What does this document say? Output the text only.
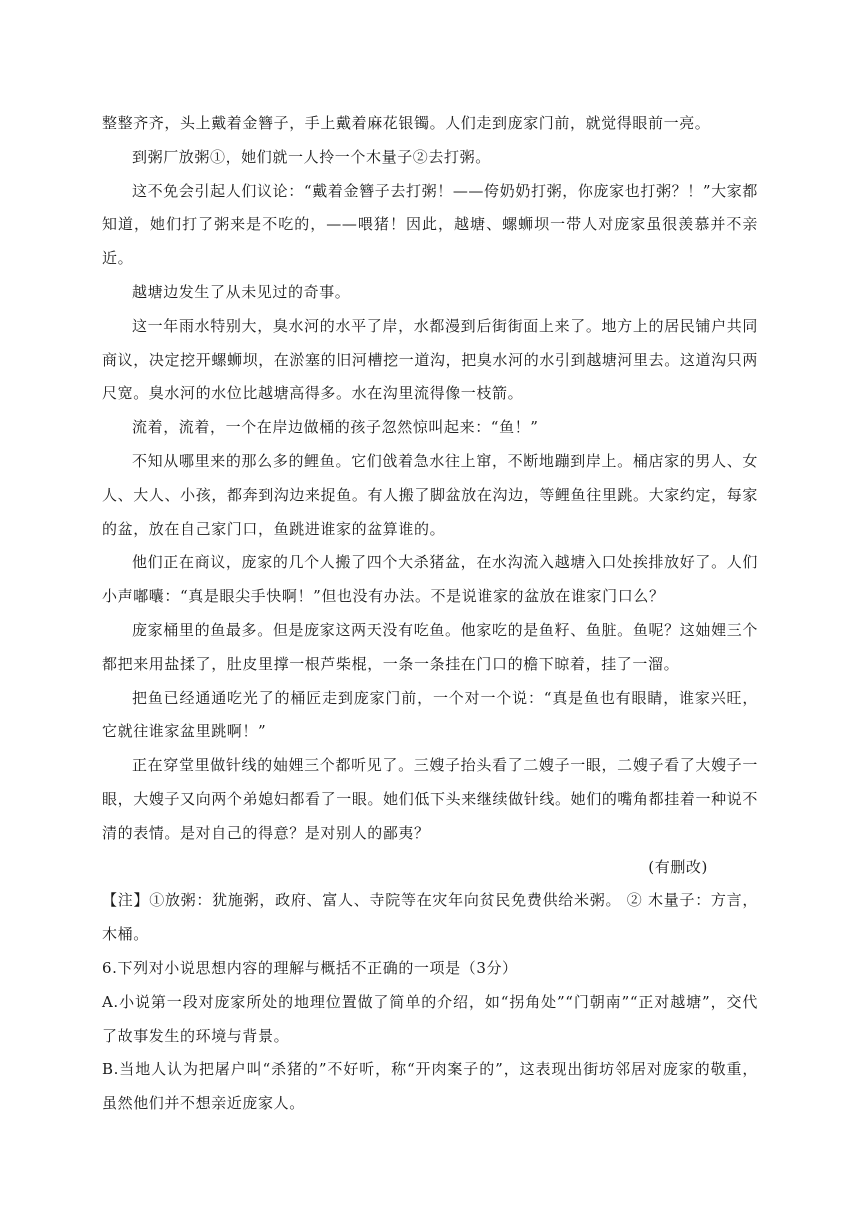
整整齐齐，头上戴着金簪子，手上戴着麻花银镯。人们走到庞家门前，就觉得眼前一亮。

到粥厂放粥①，她们就一人拎一个木量子②去打粥。

这不免会引起人们议论：“戴着金簪子去打粥！——侉奶奶打粥，你庞家也打粥？！”大家都知道，她们打了粥来是不吃的，——喂猪！因此，越塘、螺蛳坝一带人对庞家虽很羡慕并不亲近。

越塘边发生了从未见过的奇事。

这一年雨水特别大，臭水河的水平了岸，水都漫到后街街面上来了。地方上的居民铺户共同商议，决定挖开螺蛳坝，在淤塞的旧河槽挖一道沟，把臭水河的水引到越塘河里去。这道沟只两尺宽。臭水河的水位比越塘高得多。水在沟里流得像一枝箭。

流着，流着，一个在岸边做桶的孩子忽然惊叫起来：“鱼！”

不知从哪里来的那么多的鲤鱼。它们戗着急水往上窜，不断地蹦到岸上。桶店家的男人、女人、大人、小孩，都奔到沟边来捉鱼。有人搬了脚盆放在沟边，等鲤鱼往里跳。大家约定，每家的盆，放在自己家门口，鱼跳进谁家的盆算谁的。

他们正在商议，庞家的几个人搬了四个大杀猪盆，在水沟流入越塘入口处挨排放好了。人们小声嘟囔：“真是眼尖手快啊！”但也没有办法。不是说谁家的盆放在谁家门口么？

庞家桶里的鱼最多。但是庞家这两天没有吃鱼。他家吃的是鱼籽、鱼脏。鱼呢？这妯娌三个都把来用盐揉了，肚皮里撑一根芦柴棍，一条一条挂在门口的檐下晾着，挂了一溜。

把鱼已经通通吃光了的桶匠走到庞家门前，一个对一个说：“真是鱼也有眼睛，谁家兴旺，它就往谁家盆里跳啊！”

正在穿堂里做针线的妯娌三个都听见了。三嫂子抬头看了二嫂子一眼，二嫂子看了大嫂子一眼，大嫂子又向两个弟媳妇都看了一眼。她们低下头来继续做针线。她们的嘴角都挂着一种说不清的表情。是对自己的得意？是对别人的鄙夷？

(有删改)

【注】①放粥：犹施粥，政府、富人、寺院等在灾年向贫民免费供给米粥。 ② 木量子：方言，木桶。

6.下列对小说思想内容的理解与概括不正确的一项是（3分）

A.小说第一段对庞家所处的地理位置做了简单的介绍，如“拐角处”“门朝南”“正对越塘”，交代了故事发生的环境与背景。

B.当地人认为把屠户叫“杀猪的”不好听，称“开肉案子的”，这表现出街坊邻居对庞家的敬重，虽然他们并不想亲近庞家人。
